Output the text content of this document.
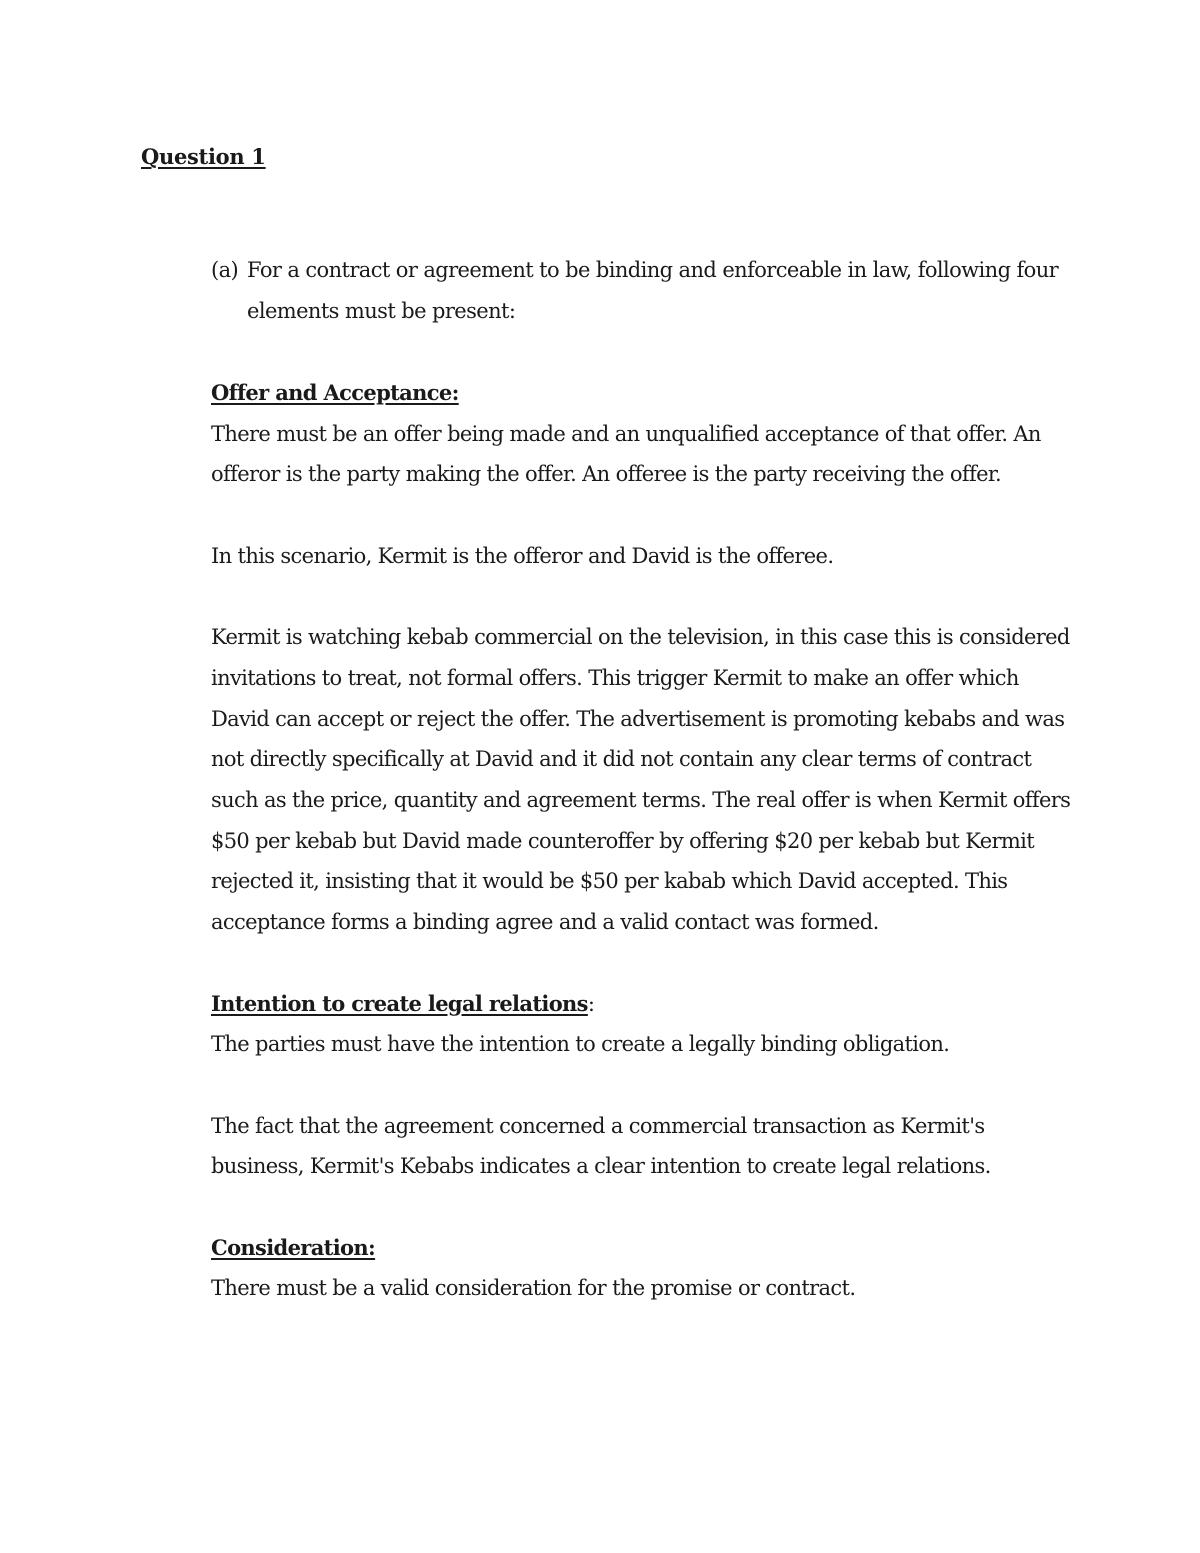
Question 1
(a) For a contract or agreement to be binding and enforceable in law, following four elements must be present:

Offer and Acceptance:

There must be an offer being made and an unqualified acceptance of that offer. An offeror is the party making the offer. An offeree is the party receiving the offer.

In this scenario, Kermit is the offeror and David is the offeree.

Kermit is watching kebab commercial on the television, in this case this is considered invitations to treat, not formal offers. This trigger Kermit to make an offer which David can accept or reject the offer. The advertisement is promoting kebabs and was not directly specifically at David and it did not contain any clear terms of contract such as the price, quantity and agreement terms. The real offer is when Kermit offers $50 per kebab but David made counteroffer by offering $20 per kebab but Kermit rejected it, insisting that it would be $50 per kabab which David accepted. This acceptance forms a binding agree and a valid contact was formed.

Intention to create legal relations:

The parties must have the intention to create a legally binding obligation.

The fact that the agreement concerned a commercial transaction as Kermit's business, Kermit's Kebabs indicates a clear intention to create legal relations.

Consideration:

There must be a valid consideration for the promise or contract.
